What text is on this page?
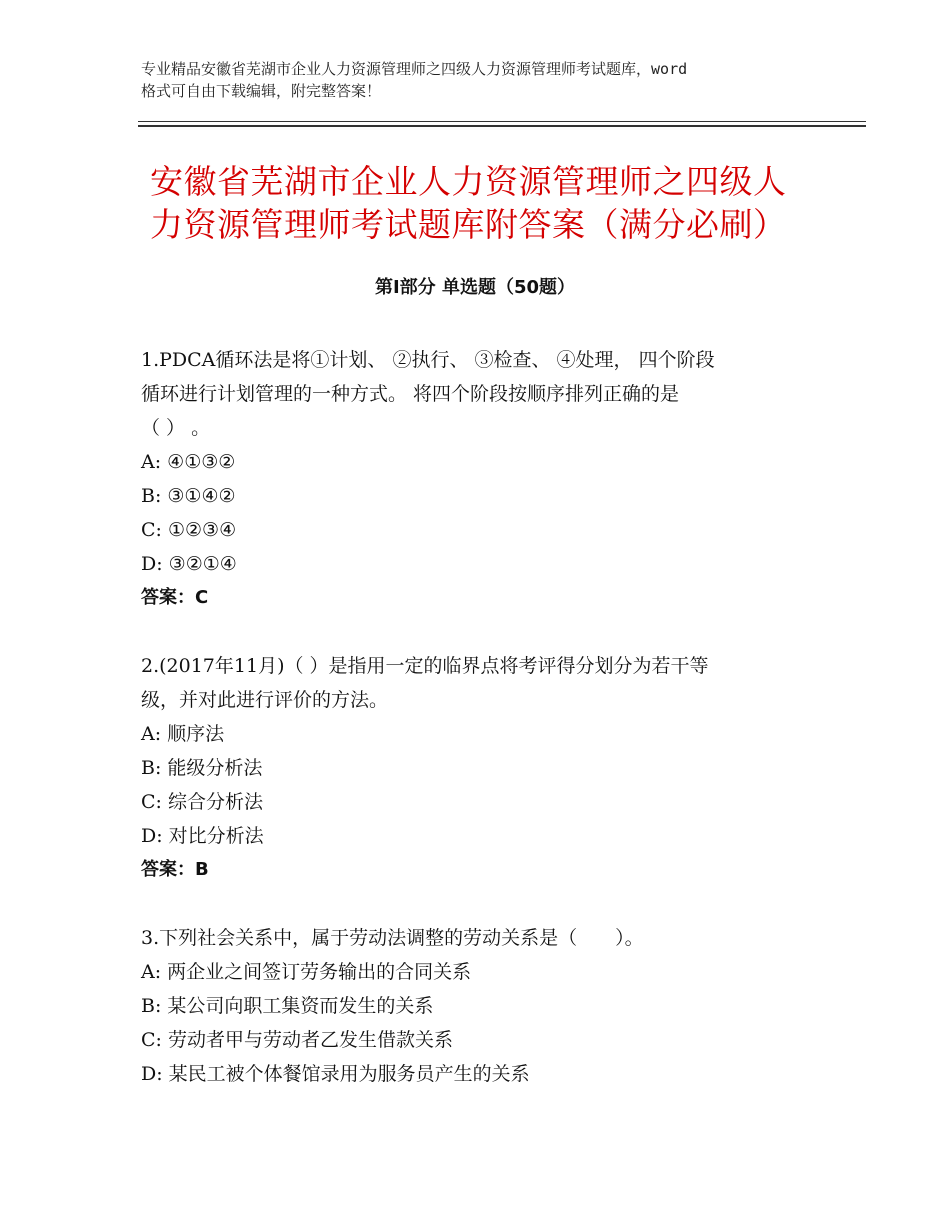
专业精品安徽省芜湖市企业人力资源管理师之四级人力资源管理师考试题库，word
格式可自由下载编辑，附完整答案！
安徽省芜湖市企业人力资源管理师之四级人
力资源管理师考试题库附答案（满分必刷）
第Ⅰ部分 单选题（50题）
1.PDCA循环法是将①计划、 ②执行、 ③检查、 ④处理， 四个阶段
循环进行计划管理的一种方式。 将四个阶段按顺序排列正确的是
（ ） 。
A: ④①③②
B: ③①④②
C: ①②③④
D: ③②①④
答案：C
2.(2017年11月)（ ）是指用一定的临界点将考评得分划分为若干等
级，并对此进行评价的方法。
A: 顺序法
B: 能级分析法
C: 综合分析法
D: 对比分析法
答案：B
3.下列社会关系中，属于劳动法调整的劳动关系是（　　）。
A: 两企业之间签订劳务输出的合同关系
B: 某公司向职工集资而发生的关系
C: 劳动者甲与劳动者乙发生借款关系
D: 某民工被个体餐馆录用为服务员产生的关系
